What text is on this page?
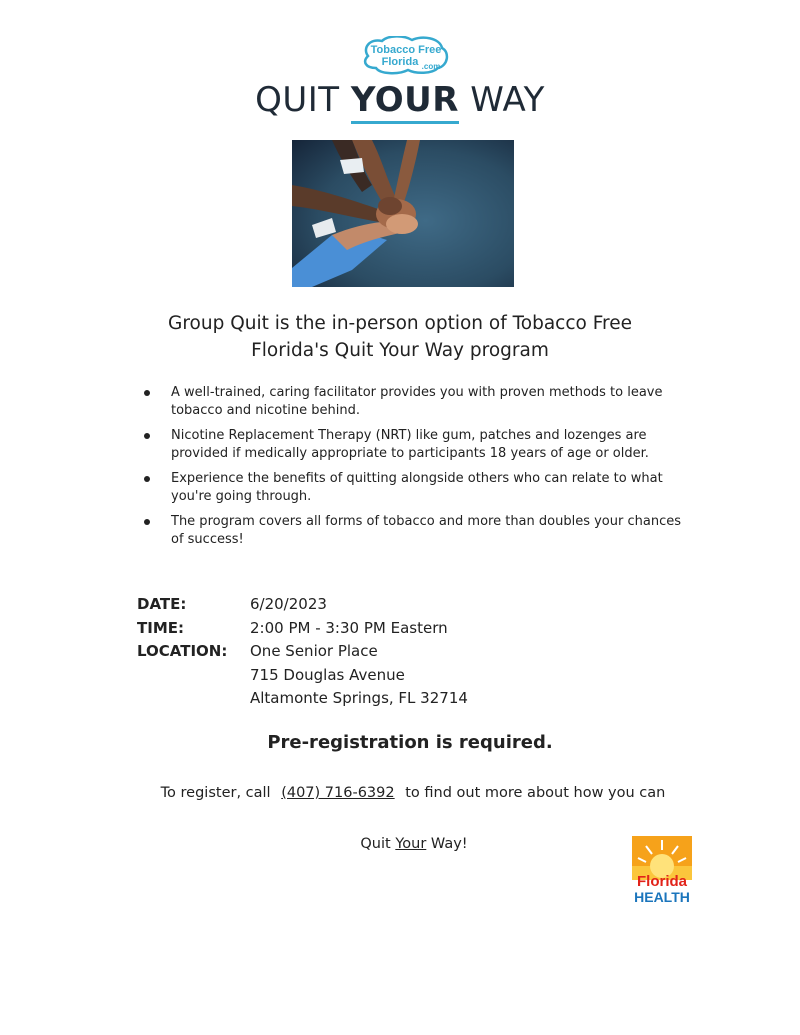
Tobacco Free
Florida .com
QUIT YOUR WAY
Group Quit is the in-person option of Tobacco Free
Florida's Quit Your Way program
A well-trained, caring facilitator provides you with proven methods to leave tobacco and nicotine behind.
Nicotine Replacement Therapy (NRT) like gum, patches and lozenges are provided if medically appropriate to participants 18 years of age or older.
Experience the benefits of quitting alongside others who can relate to what you're going through.
The program covers all forms of tobacco and more than doubles your chances of success!
DATE:	6/20/2023
TIME:	2:00 PM - 3:30 PM Eastern
LOCATION: One Senior Place
715 Douglas Avenue
Altamonte Springs, FL 32714
Pre-registration is required.
To register, call (407) 716-6392 to find out more about how you can
Quit Your Way!
Florida
HEALTH
